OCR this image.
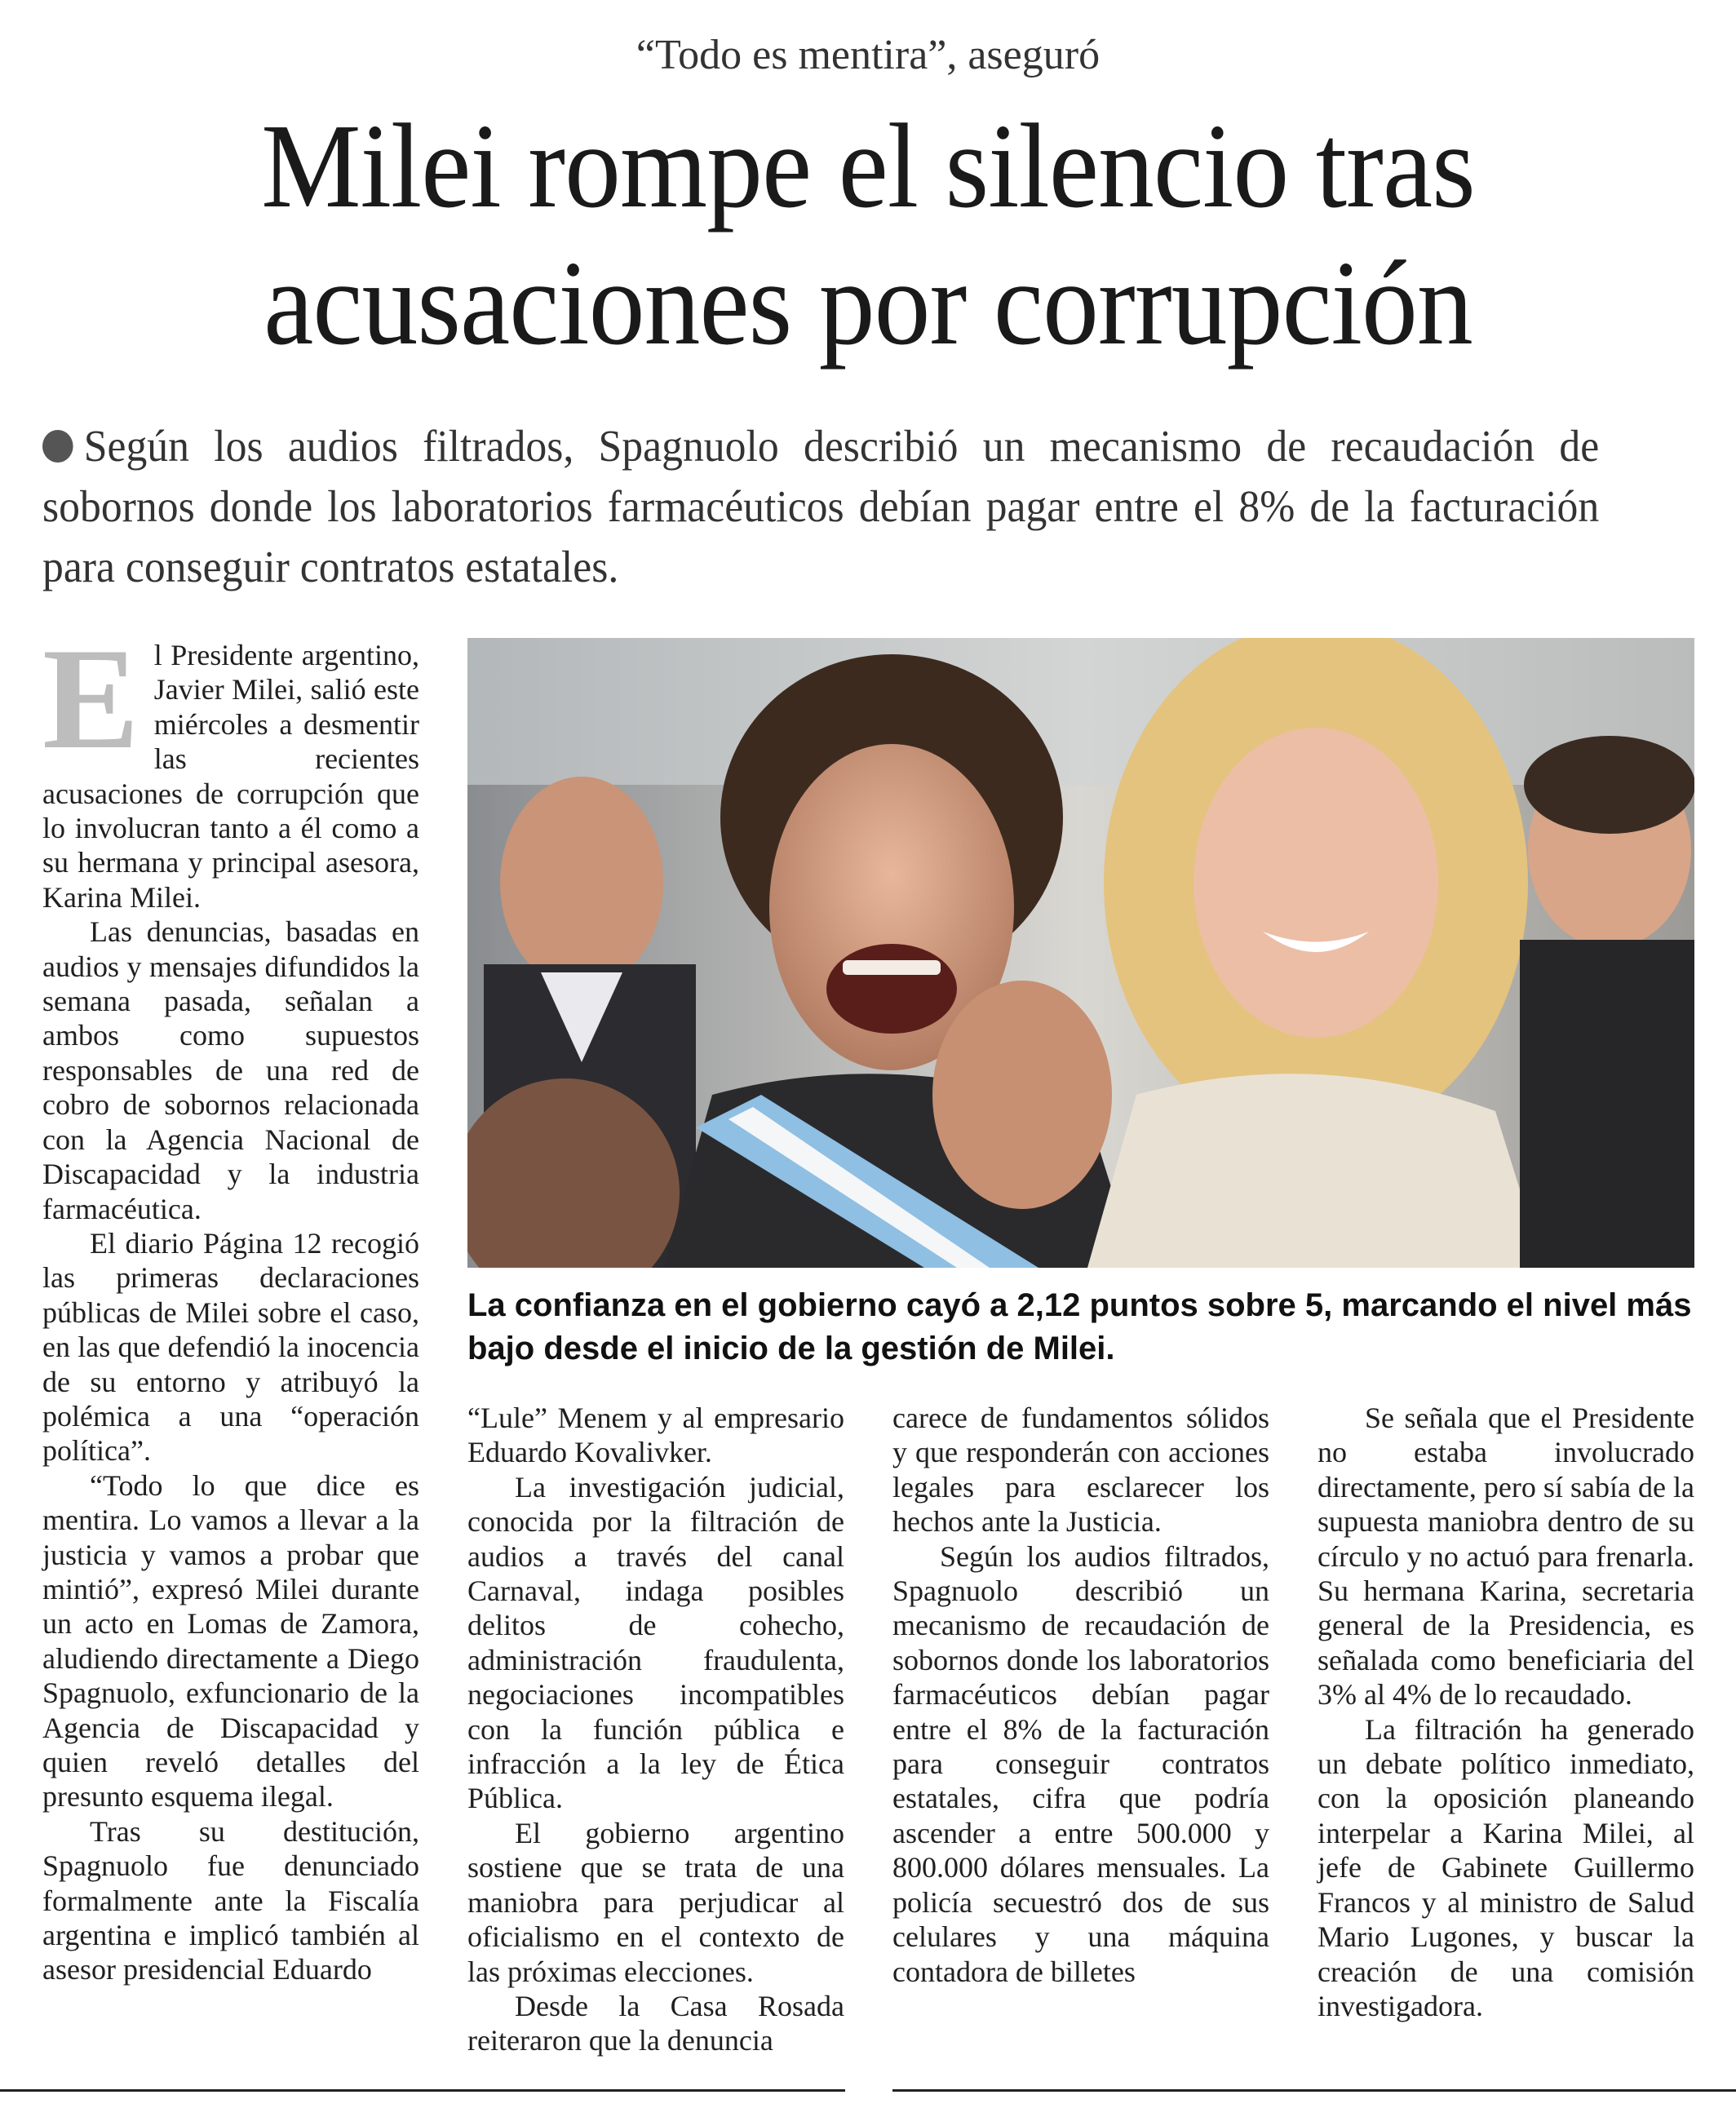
“Todo es mentira”, aseguró
Milei rompe el silencio tras
acusaciones por corrupción
Según los audios filtrados, Spagnuolo describió un mecanismo de recaudación de sobornos donde los laboratorios farmacéuticos debían pagar entre el 8% de la facturación para conseguir contratos estatales.
E l Presidente argentino, Javier Milei, salió este miércoles a desmentir las recientes acusaciones de corrupción que lo involucran tanto a él como a su hermana y principal asesora, Karina Milei.

Las denuncias, basadas en audios y mensajes difundidos la semana pasada, señalan a ambos como supuestos responsables de una red de cobro de sobornos relacionada con la Agencia Nacional de Discapacidad y la industria farmacéutica.

El diario Página 12 recogió las primeras declaraciones públicas de Milei sobre el caso, en las que defendió la inocencia de su entorno y atribuyó la polémica a una “operación política”.

“Todo lo que dice es mentira. Lo vamos a llevar a la justicia y vamos a probar que mintió”, expresó Milei durante un acto en Lomas de Zamora, aludiendo directamente a Diego Spagnuolo, exfuncionario de la Agencia de Discapacidad y quien reveló detalles del presunto esquema ilegal.

Tras su destitución, Spagnuolo fue denunciado formalmente ante la Fiscalía argentina e implicó también al asesor presidencial Eduardo

La confianza en el gobierno cayó a 2,12 puntos sobre 5, marcando el nivel más bajo desde el inicio de la gestión de Milei.

“Lule” Menem y al empresario Eduardo Kovalivker.

La investigación judicial, conocida por la filtración de audios a través del canal Carnaval, indaga posibles delitos de cohecho, administración fraudulenta, negociaciones incompatibles con la función pública e infracción a la ley de Ética Pública.

El gobierno argentino sostiene que se trata de una maniobra para perjudicar al oficialismo en el contexto de las próximas elecciones.

Desde la Casa Rosada reiteraron que la denuncia

carece de fundamentos sólidos y que responderán con acciones legales para esclarecer los hechos ante la Justicia.

Según los audios filtrados, Spagnuolo describió un mecanismo de recaudación de sobornos donde los laboratorios farmacéuticos debían pagar entre el 8% de la facturación para conseguir contratos estatales, cifra que podría ascender a entre 500.000 y 800.000 dólares mensuales. La policía secuestró dos de sus celulares y una máquina contadora de billetes

Se señala que el Presidente no estaba involucrado directamente, pero sí sabía de la supuesta maniobra dentro de su círculo y no actuó para frenarla. Su hermana Karina, secretaria general de la Presidencia, es señalada como beneficiaria del 3% al 4% de lo recaudado.

La filtración ha generado un debate político inmediato, con la oposición planeando interpelar a Karina Milei, al jefe de Gabinete Guillermo Francos y al ministro de Salud Mario Lugones, y buscar la creación de una comisión investigadora.
